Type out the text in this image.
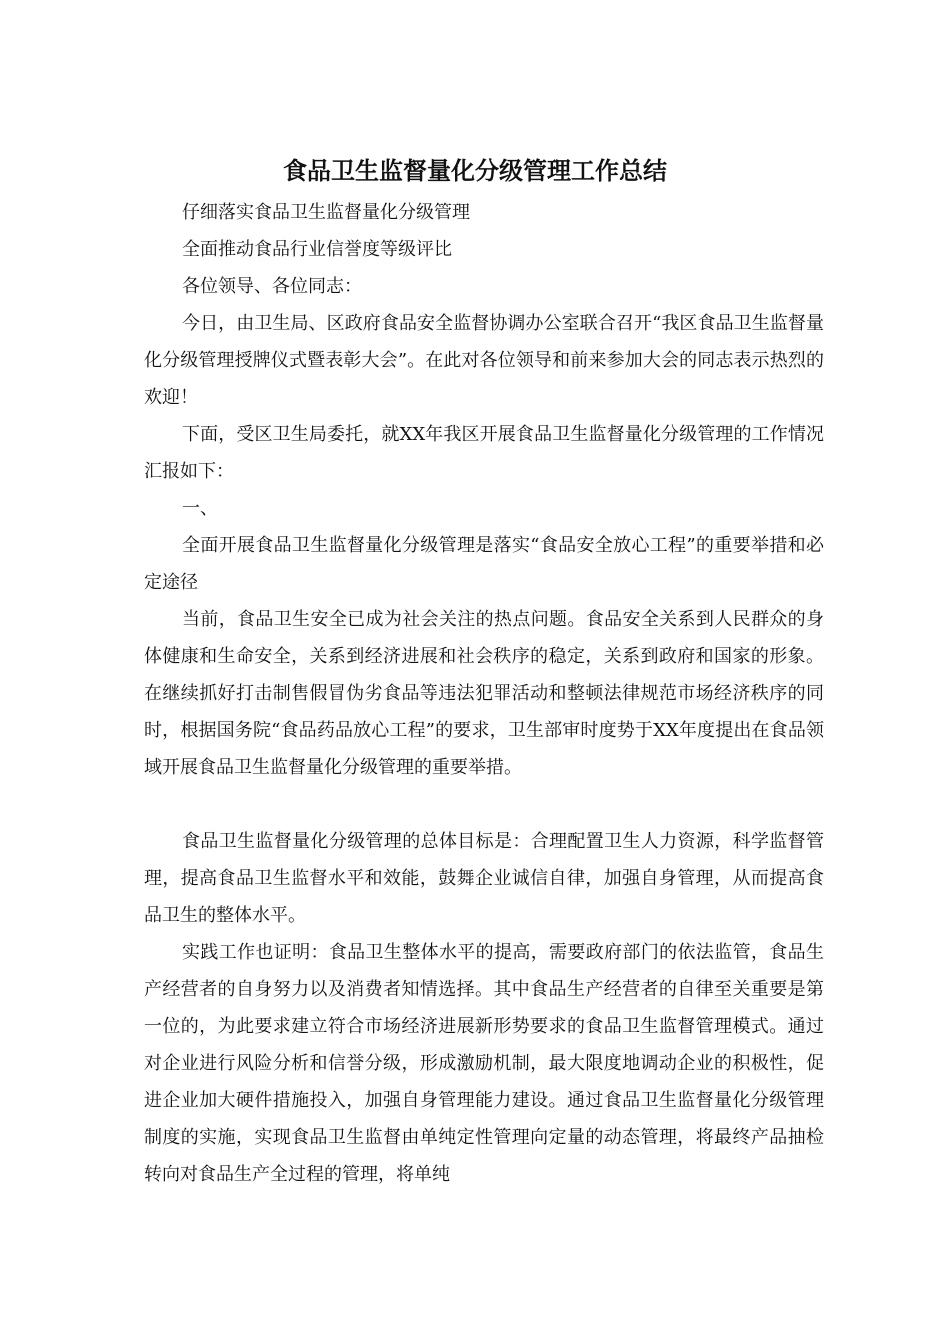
食品卫生监督量化分级管理工作总结

仔细落实食品卫生监督量化分级管理

全面推动食品行业信誉度等级评比

各位领导、各位同志：

今日，由卫生局、区政府食品安全监督协调办公室联合召开“我区食品卫生监督量化分级管理授牌仪式暨表彰大会”。在此对各位领导和前来参加大会的同志表示热烈的欢迎！

下面，受区卫生局委托，就XX年我区开展食品卫生监督量化分级管理的工作情况汇报如下：

一、

全面开展食品卫生监督量化分级管理是落实“食品安全放心工程”的重要举措和必定途径

当前，食品卫生安全已成为社会关注的热点问题。食品安全关系到人民群众的身体健康和生命安全，关系到经济进展和社会秩序的稳定，关系到政府和国家的形象。在继续抓好打击制售假冒伪劣食品等违法犯罪活动和整顿法律规范市场经济秩序的同时，根据国务院“食品药品放心工程”的要求，卫生部审时度势于XX年度提出在食品领域开展食品卫生监督量化分级管理的重要举措。

食品卫生监督量化分级管理的总体目标是：合理配置卫生人力资源，科学监督管理，提高食品卫生监督水平和效能，鼓舞企业诚信自律，加强自身管理，从而提高食品卫生的整体水平。

实践工作也证明：食品卫生整体水平的提高，需要政府部门的依法监管，食品生产经营者的自身努力以及消费者知情选择。其中食品生产经营者的自律至关重要是第一位的，为此要求建立符合市场经济进展新形势要求的食品卫生监督管理模式。通过对企业进行风险分析和信誉分级，形成激励机制，最大限度地调动企业的积极性，促进企业加大硬件措施投入，加强自身管理能力建设。通过食品卫生监督量化分级管理制度的实施，实现食品卫生监督由单纯定性管理向定量的动态管理，将最终产品抽检转向对食品生产全过程的管理，将单纯
